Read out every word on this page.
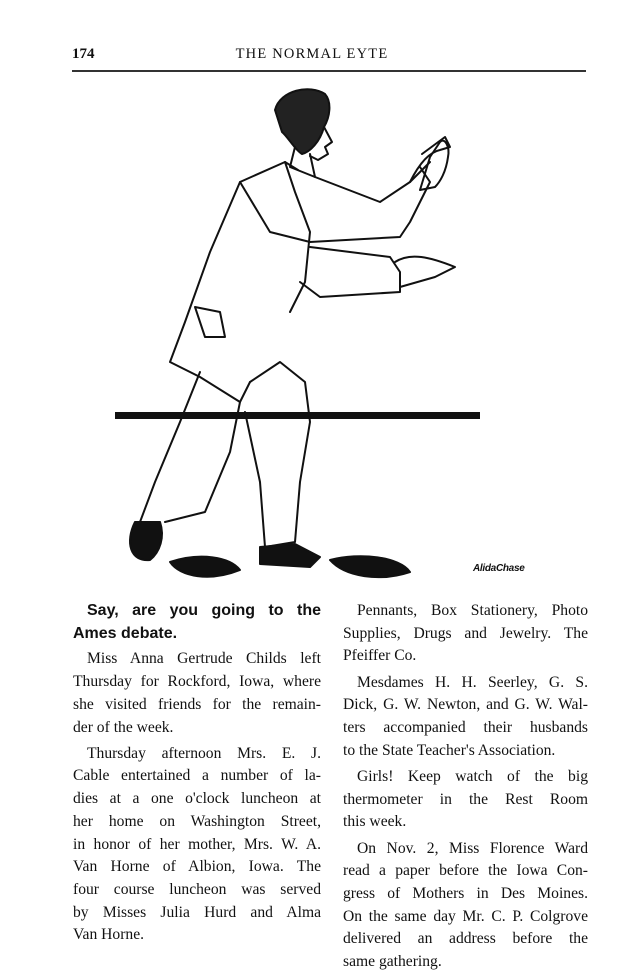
174	THE NORMAL EYTE
AlidaChase
Say, are you going to the
Ames debate.
Miss Anna Gertrude Childs left
Thursday for Rockford, Iowa, where
she visited friends for the remain-
der of the week.
Thursday afternoon Mrs. E. J.
Cable entertained a number of la-
dies at a one o'clock luncheon at
her home on Washington Street,
in honor of her mother, Mrs. W. A.
Van Horne of Albion, Iowa. The
four course luncheon was served
by Misses Julia Hurd and Alma
Van Horne.
Pennants, Box Stationery, Photo
Supplies, Drugs and Jewelry. The
Pfeiffer Co.
Mesdames H. H. Seerley, G. S.
Dick, G. W. Newton, and G. W. Wal-
ters accompanied their husbands
to the State Teacher's Association.
Girls! Keep watch of the big
thermometer in the Rest Room
this week.
On Nov. 2, Miss Florence Ward
read a paper before the Iowa Con-
gress of Mothers in Des Moines.
On the same day Mr. C. P. Colgrove
delivered an address before the
same gathering.
